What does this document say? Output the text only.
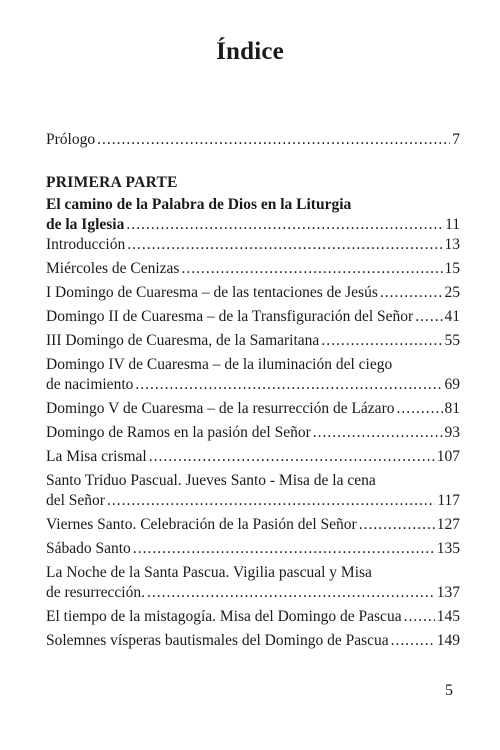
Índice
Prólogo .....	7
PRIMERA PARTE
El camino de la Palabra de Dios en la Liturgia
de la Iglesia .....	11
Introducción .....	13
Miércoles de Cenizas .....	15
I Domingo de Cuaresma – de las tentaciones de Jesús .....	25
Domingo II de Cuaresma – de la Transfiguración del Señor ..... 41
III Domingo de Cuaresma, de la Samaritana .....	55
Domingo IV de Cuaresma – de la iluminación del ciego
de nacimiento .....	69
Domingo V de Cuaresma – de la resurrección de Lázaro .....	81
Domingo de Ramos en la pasión del Señor .....	93
La Misa crismal .....	107
Santo Triduo Pascual. Jueves Santo - Misa de la cena
del Señor .....	117
Viernes Santo. Celebración de la Pasión del Señor .....	127
Sábado Santo .....	135
La Noche de la Santa Pascua. Vigilia pascual y Misa
de resurrección. .....	137
El tiempo de la mistagogía. Misa del Domingo de Pascua ..... 145
Solemnes vísperas bautismales del Domingo de Pascua .....	149
5
